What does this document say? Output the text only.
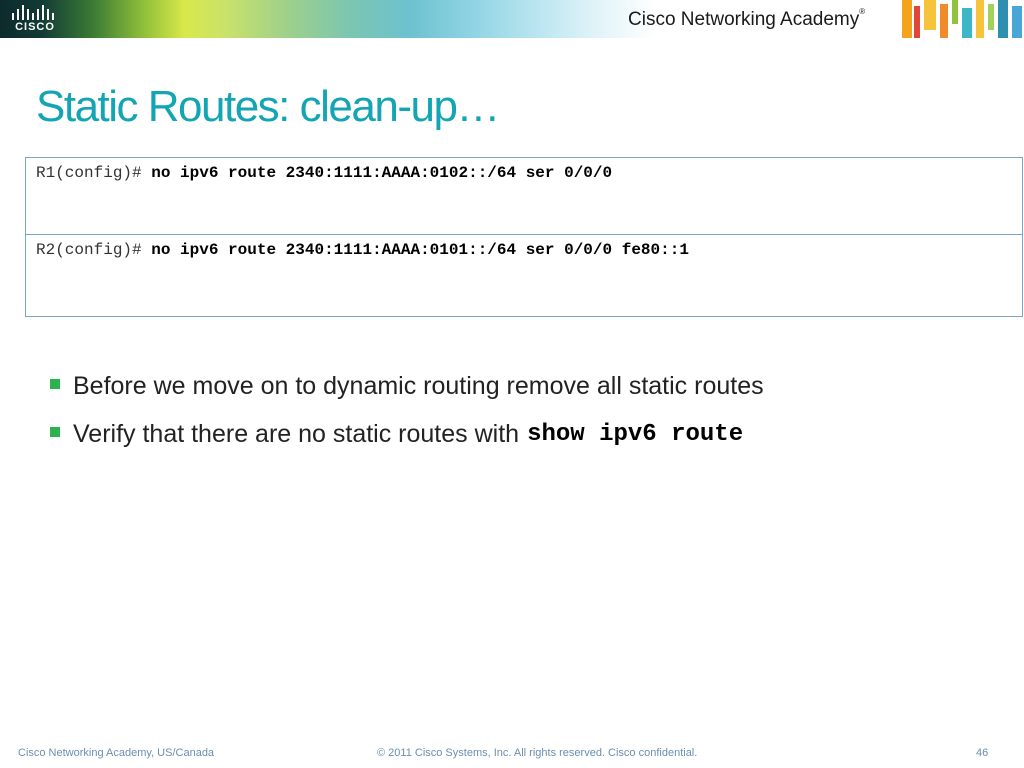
CISCO	Cisco Networking Academy®
Static Routes: clean-up…
R1(config)# no ipv6 route 2340:1111:AAAA:0102::/64 ser 0/0/0
R2(config)# no ipv6 route 2340:1111:AAAA:0101::/64 ser 0/0/0 fe80::1
Before we move on to dynamic routing remove all static routes
Verify that there are no static routes with show ipv6 route
Cisco Networking Academy, US/Canada	© 2011 Cisco Systems, Inc. All rights reserved. Cisco confidential.	46
